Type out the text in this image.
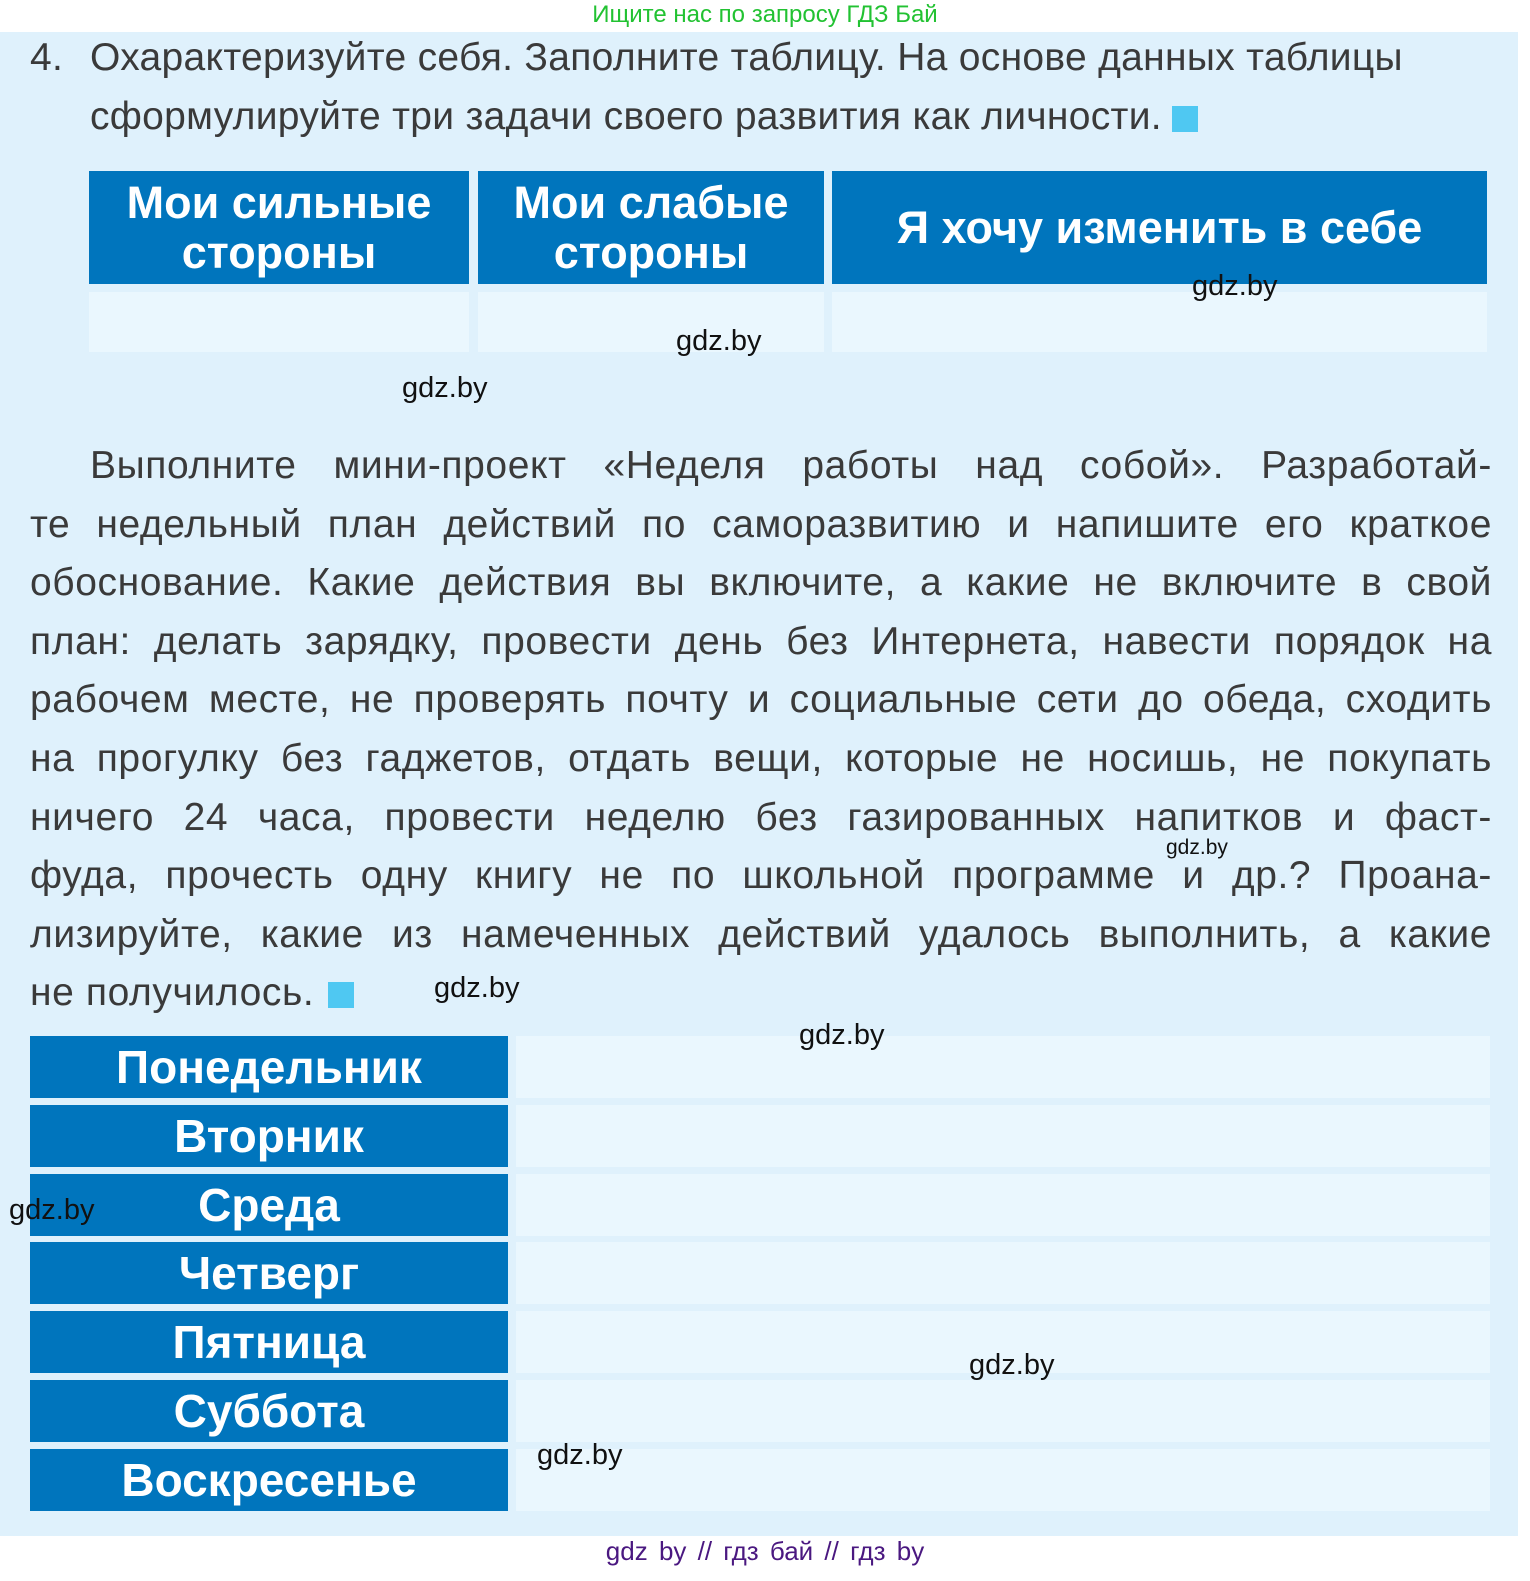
Ищите нас по запросу ГДЗ Бай
4. Охарактеризуйте себя. Заполните таблицу. На основе данных таблицы
сформулируйте три задачи своего развития как личности.
Мои сильные
стороны
Мои слабые
стороны	Я хочу изменить в себе
Выполните мини-проект «Неделя работы над собой». Разработай-
те недельный план действий по саморазвитию и напишите его краткое
обоснование. Какие действия вы включите, а какие не включите в свой
план: делать зарядку, провести день без Интернета, навести порядок на
рабочем месте, не проверять почту и социальные сети до обеда, сходить
на прогулку без гаджетов, отдать вещи, которые не носишь, не покупать
ничего 24 часа, провести неделю без газированных напитков и фаст-
фуда, прочесть одну книгу не по школьной программе и др.? Проана-
лизируйте, какие из намеченных действий удалось выполнить, а какие
не получилось.
Понедельник
Вторник
Среда
Четверг
Пятница
Суббота
Воскресенье
gdz.by
gdz.by
gdz.by
gdz.by
gdz.by
gdz.by
gdz.by
gdz.by
gdz.by
gdz by // гдз бай // гдз by
